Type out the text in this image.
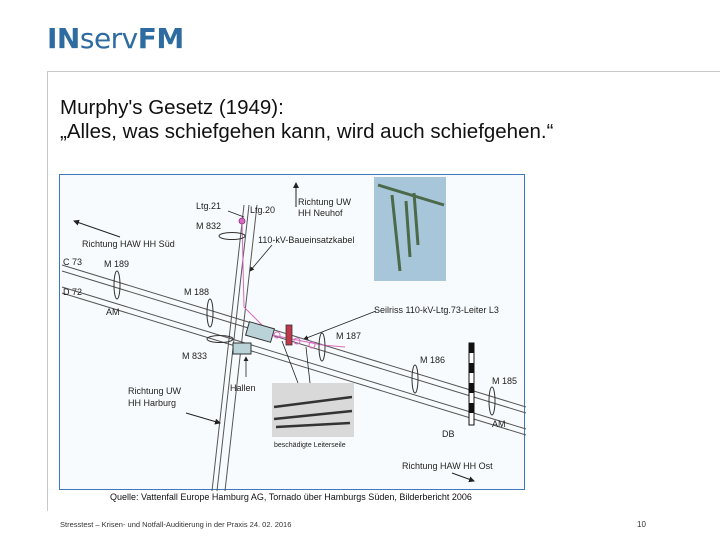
INservFM
Murphy's Gesetz (1949):
„Alles, was schiefgehen kann, wird auch schiefgehen.“
Ltg.21	Ltg.20
M 832
Richtung UW
HH Neuhof
Richtung HAW HH Süd	110-kV-Baueinsatzkabel
C 73
D 72
M 189
AM
M 188
Seilriss 110-kV-Ltg.73-Leiter L3
M 187
M 833
Hallen
M 186
Richtung UW
HH Harburg
M 185
AM
DB
beschädigte Leiterseile
Richtung HAW HH Ost
Quelle: Vattenfall Europe Hamburg AG, Tornado über Hamburgs Süden, Bilderbericht 2006
Stresstest – Krisen- und Notfall-Auditierung in der Praxis 24. 02. 2016	10
